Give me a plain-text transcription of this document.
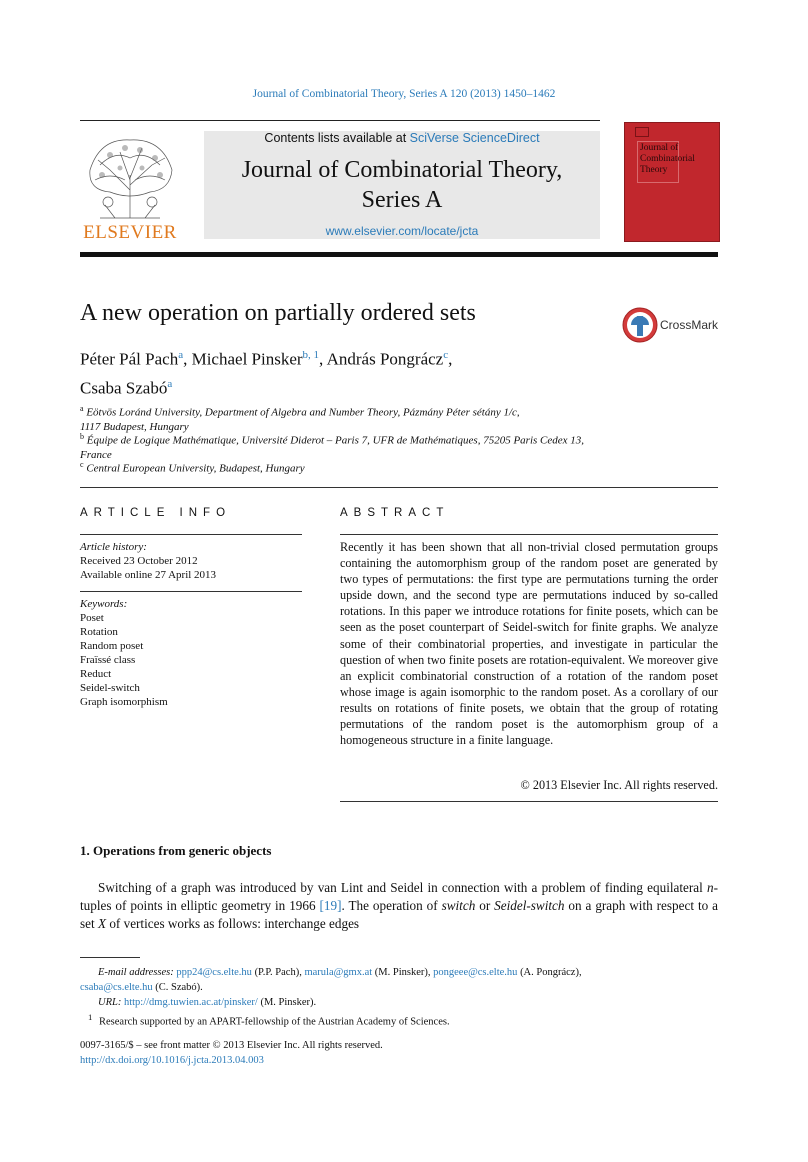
Journal of Combinatorial Theory, Series A 120 (2013) 1450–1462
ELSEVIER
Contents lists available at SciVerse ScienceDirect
Journal of Combinatorial Theory,
Series A
www.elsevier.com/locate/jcta
Journal of Combinatorial Theory
A new operation on partially ordered sets	CrossMark
Péter Pál Pach$^a$, Michael Pinsker$^{b, 1}$, András Pongrácz$^c$,
Csaba Szabó$^a$
$^a$ Eötvös Loránd University, Department of Algebra and Number Theory, Pázmány Péter sétány 1/c,
1117 Budapest, Hungary
$^b$ Équipe de Logique Mathématique, Université Diderot – Paris 7, UFR de Mathématiques, 75205 Paris Cedex 13,
France
$^c$ Central European University, Budapest, Hungary
ARTICLE INFO
Article history:
Received 23 October 2012
Available online 27 April 2013
Keywords:
Poset
Rotation
Random poset
Fraïssé class
Reduct
Seidel-switch
Graph isomorphism
ABSTRACT
Recently it has been shown that all non-trivial closed permutation groups containing the automorphism group of the random poset are generated by two types of permutations: the first type are permutations turning the order upside down, and the second type are permutations induced by so-called rotations. In this paper we introduce rotations for finite posets, which can be seen as the poset counterpart of Seidel-switch for finite graphs. We analyze some of their combinatorial properties, and investigate in particular the question of when two finite posets are rotation-equivalent. We moreover give an explicit combinatorial construction of a rotation of the random poset whose image is again isomorphic to the random poset. As a corollary of our results on rotations of finite posets, we obtain that the group of rotating permutations of the random poset is the automorphism group of a homogeneous structure in a finite language.
© 2013 Elsevier Inc. All rights reserved.
1. Operations from generic objects
Switching of a graph was introduced by van Lint and Seidel in connection with a problem of finding equilateral n-tuples of points in elliptic geometry in 1966 [19]. The operation of switch or Seidel-switch on a graph with respect to a set X of vertices works as follows: interchange edges
E-mail addresses: ppp24@cs.elte.hu (P.P. Pach), marula@gmx.at (M. Pinsker), pongeee@cs.elte.hu (A. Pongrácz),
csaba@cs.elte.hu (C. Szabó).
URL: http://dmg.tuwien.ac.at/pinsker/ (M. Pinsker).
$^1$ Research supported by an APART-fellowship of the Austrian Academy of Sciences.
0097-3165/$ – see front matter © 2013 Elsevier Inc. All rights reserved.
http://dx.doi.org/10.1016/j.jcta.2013.04.003
